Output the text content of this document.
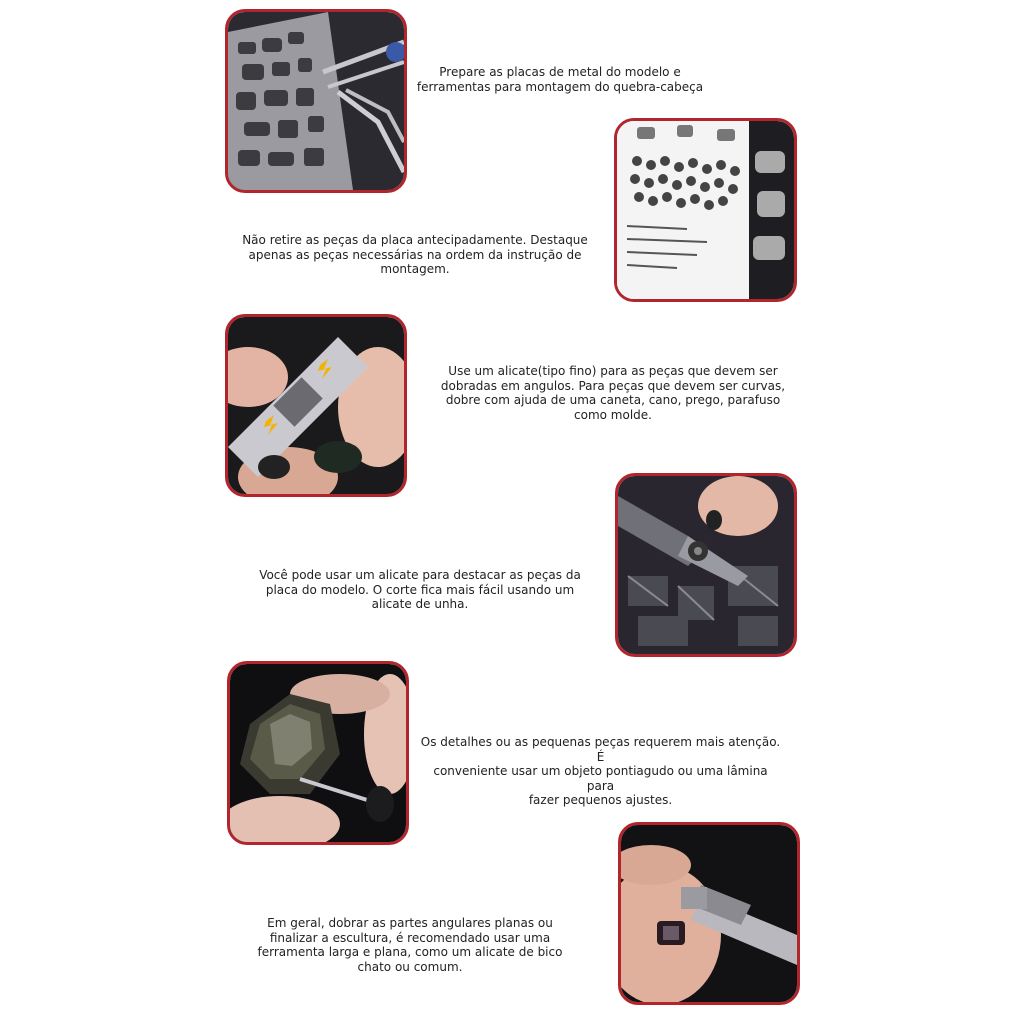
Prepare as placas de metal do modelo e
ferramentas para montagem do quebra-cabeça
Não retire as peças da placa antecipadamente. Destaque
apenas as peças necessárias na ordem da instrução de
montagem.
Use um alicate(tipo fino) para as peças que devem ser
dobradas em angulos. Para peças que devem ser curvas,
dobre com ajuda de uma caneta, cano, prego, parafuso
como molde.
Você pode usar um alicate para destacar as peças da
placa do modelo. O corte fica mais fácil usando um
alicate de unha.
Os detalhes ou as pequenas peças requerem mais atenção. É
conveniente usar um objeto pontiagudo ou uma lâmina para
fazer pequenos ajustes.
Em geral, dobrar as partes angulares planas ou
finalizar a escultura, é recomendado usar uma
ferramenta larga e plana, como um alicate de bico
chato ou comum.
